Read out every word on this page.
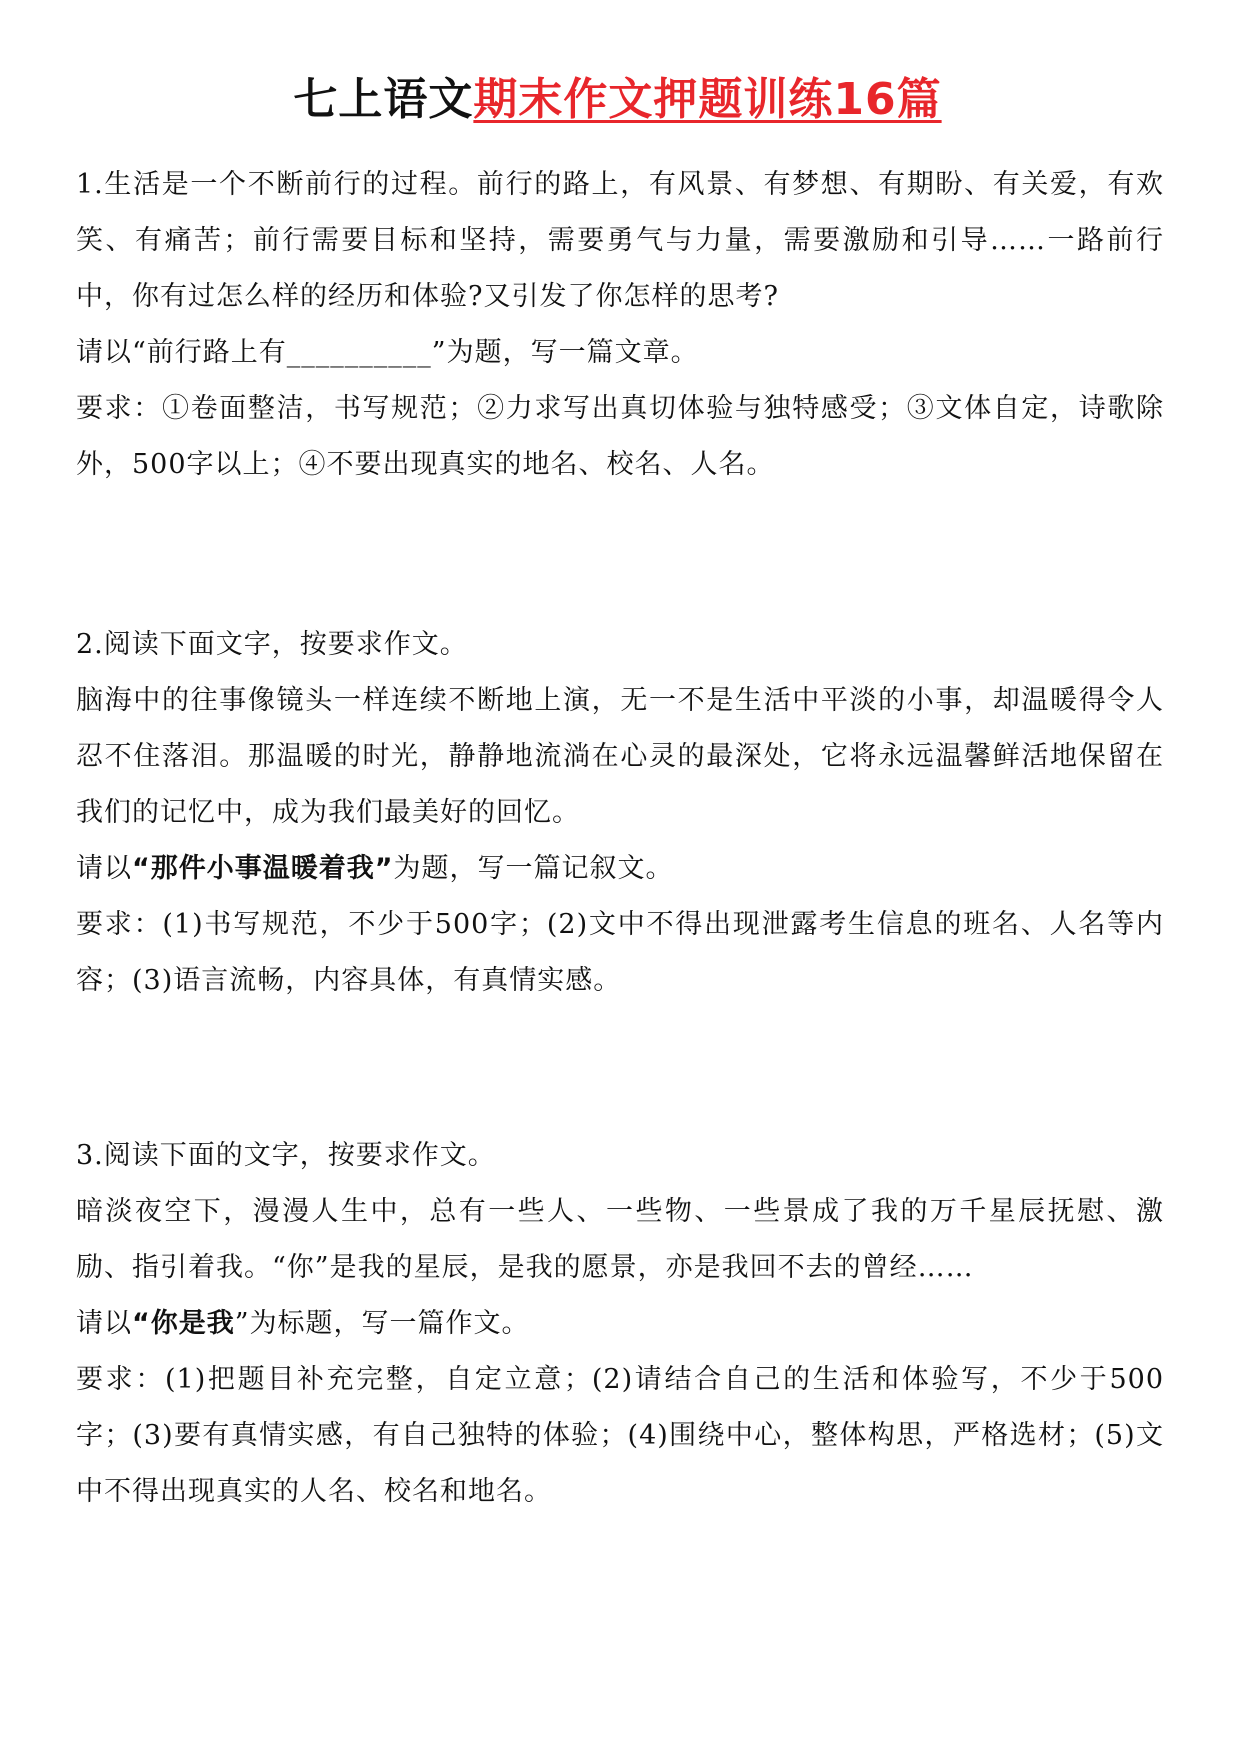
七上语文期末作文押题训练16篇

1.生活是一个不断前行的过程。前行的路上，有风景、有梦想、有期盼、有关爱，有欢笑、有痛苦；前行需要目标和坚持，需要勇气与力量，需要激励和引导……一路前行中，你有过怎么样的经历和体验?又引发了你怎样的思考?

请以“前行路上有__________”为题，写一篇文章。

要求：①卷面整洁，书写规范；②力求写出真切体验与独特感受；③文体自定，诗歌除外，500字以上；④不要出现真实的地名、校名、人名。

2.阅读下面文字，按要求作文。

脑海中的往事像镜头一样连续不断地上演，无一不是生活中平淡的小事，却温暖得令人忍不住落泪。那温暖的时光，静静地流淌在心灵的最深处，它将永远温馨鲜活地保留在我们的记忆中，成为我们最美好的回忆。

请以“那件小事温暖着我”为题，写一篇记叙文。

要求：(1)书写规范，不少于500字；(2)文中不得出现泄露考生信息的班名、人名等内容；(3)语言流畅，内容具体，有真情实感。

3.阅读下面的文字，按要求作文。

暗淡夜空下，漫漫人生中，总有一些人、一些物、一些景成了我的万千星辰抚慰、激励、指引着我。“你”是我的星辰，是我的愿景，亦是我回不去的曾经……

请以“你是我”为标题，写一篇作文。

要求：(1)把题目补充完整，自定立意；(2)请结合自己的生活和体验写，不少于500字；(3)要有真情实感，有自己独特的体验；(4)围绕中心，整体构思，严格选材；(5)文中不得出现真实的人名、校名和地名。
